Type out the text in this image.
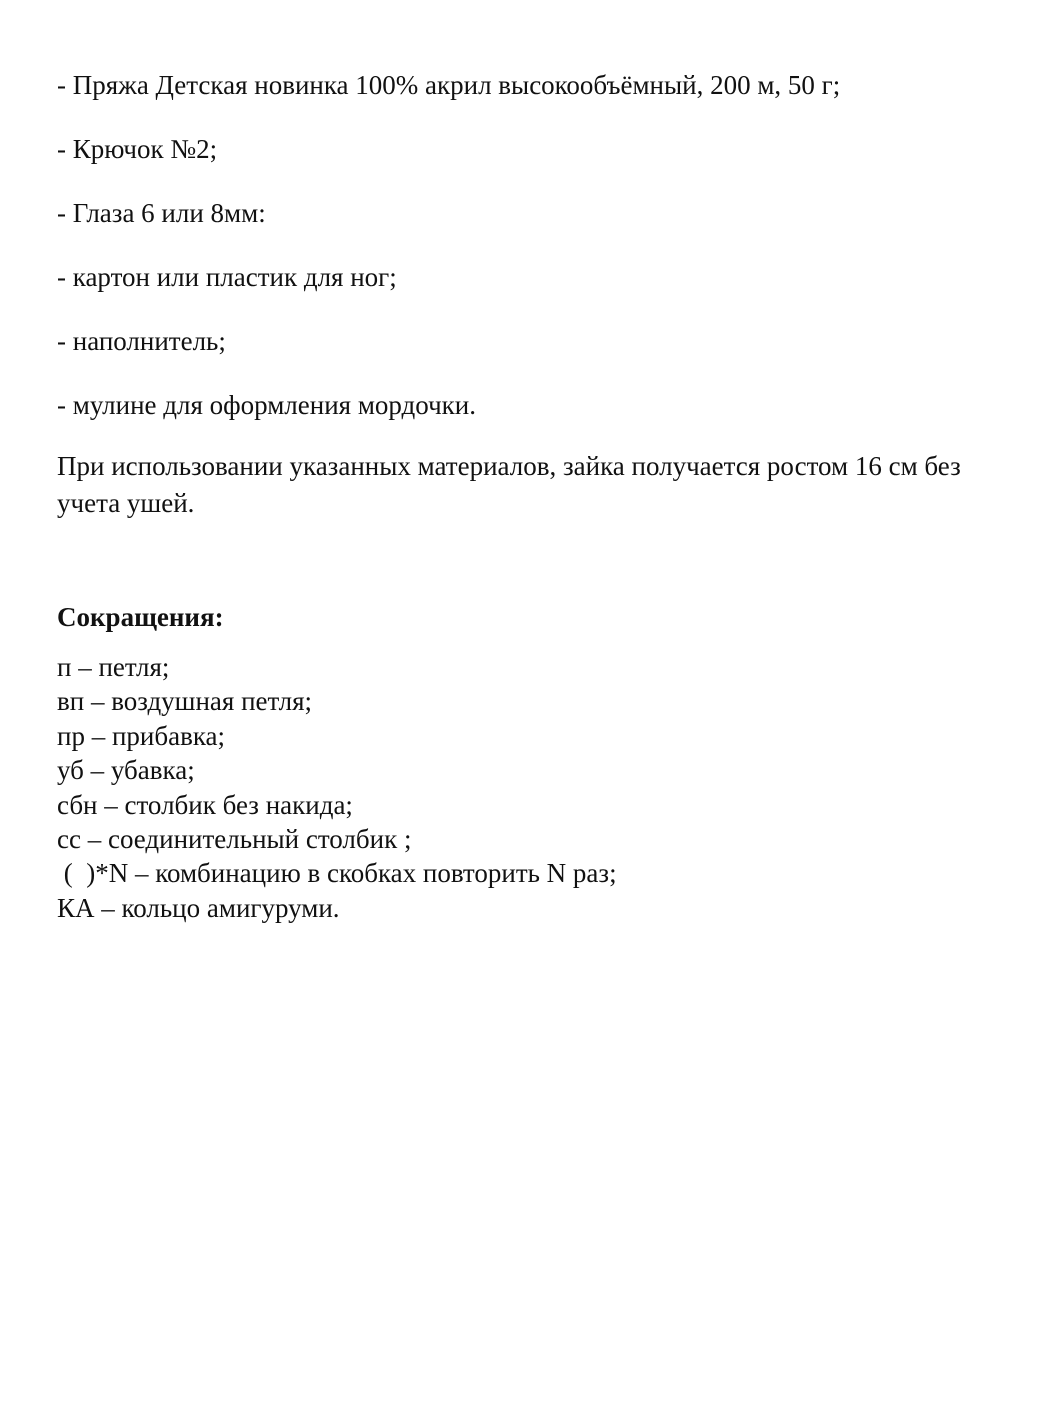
- Пряжа Детская новинка 100% акрил высокообъёмный, 200 м, 50 г;
- Крючок №2;
- Глаза 6 или 8мм:
- картон или пластик для ног;
- наполнитель;
- мулине для оформления мордочки.

При использовании указанных материалов, зайка получается ростом 16 см без
учета ушей.

Сокращения:
п – петля;
вп – воздушная петля;
пр – прибавка;
уб – убавка;
сбн – столбик без накида;
сс – соединительный столбик ;
(  )*N – комбинацию в скобках повторить N раз;
КА – кольцо амигуруми.
